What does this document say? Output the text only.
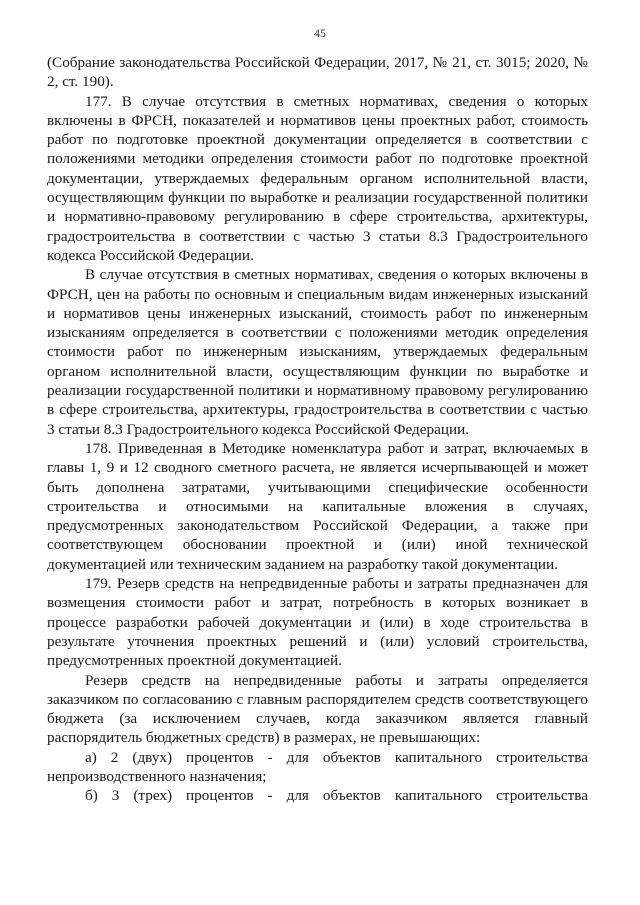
45

(Собрание законодательства Российской Федерации, 2017, № 21, ст. 3015; 2020, № 2, ст. 190).

177. В случае отсутствия в сметных нормативах, сведения о которых включены в ФРСН, показателей и нормативов цены проектных работ, стоимость работ по подготовке проектной документации определяется в соответствии с положениями методики определения стоимости работ по подготовке проектной документации, утверждаемых федеральным органом исполнительной власти, осуществляющим функции по выработке и реализации государственной политики и нормативно-правовому регулированию в сфере строительства, архитектуры, градостроительства в соответствии с частью 3 статьи 8.3 Градостроительного кодекса Российской Федерации.

В случае отсутствия в сметных нормативах, сведения о которых включены в ФРСН, цен на работы по основным и специальным видам инженерных изысканий и нормативов цены инженерных изысканий, стоимость работ по инженерным изысканиям определяется в соответствии с положениями методик определения стоимости работ по инженерным изысканиям, утверждаемых федеральным органом исполнительной власти, осуществляющим функции по выработке и реализации государственной политики и нормативному правовому регулированию в сфере строительства, архитектуры, градостроительства в соответствии с частью 3 статьи 8.3 Градостроительного кодекса Российской Федерации.

178. Приведенная в Методике номенклатура работ и затрат, включаемых в главы 1, 9 и 12 сводного сметного расчета, не является исчерпывающей и может быть дополнена затратами, учитывающими специфические особенности строительства и относимыми на капитальные вложения в случаях, предусмотренных законодательством Российской Федерации, а также при соответствующем обосновании проектной и (или) иной технической документацией или техническим заданием на разработку такой документации.

179. Резерв средств на непредвиденные работы и затраты предназначен для возмещения стоимости работ и затрат, потребность в которых возникает в процессе разработки рабочей документации и (или) в ходе строительства в результате уточнения проектных решений и (или) условий строительства, предусмотренных проектной документацией.

Резерв средств на непредвиденные работы и затраты определяется заказчиком по согласованию с главным распорядителем средств соответствующего бюджета (за исключением случаев, когда заказчиком является главный распорядитель бюджетных средств) в размерах, не превышающих:

а) 2 (двух) процентов - для объектов капитального строительства непроизводственного назначения;

б) 3 (трех) процентов - для объектов капитального строительства
